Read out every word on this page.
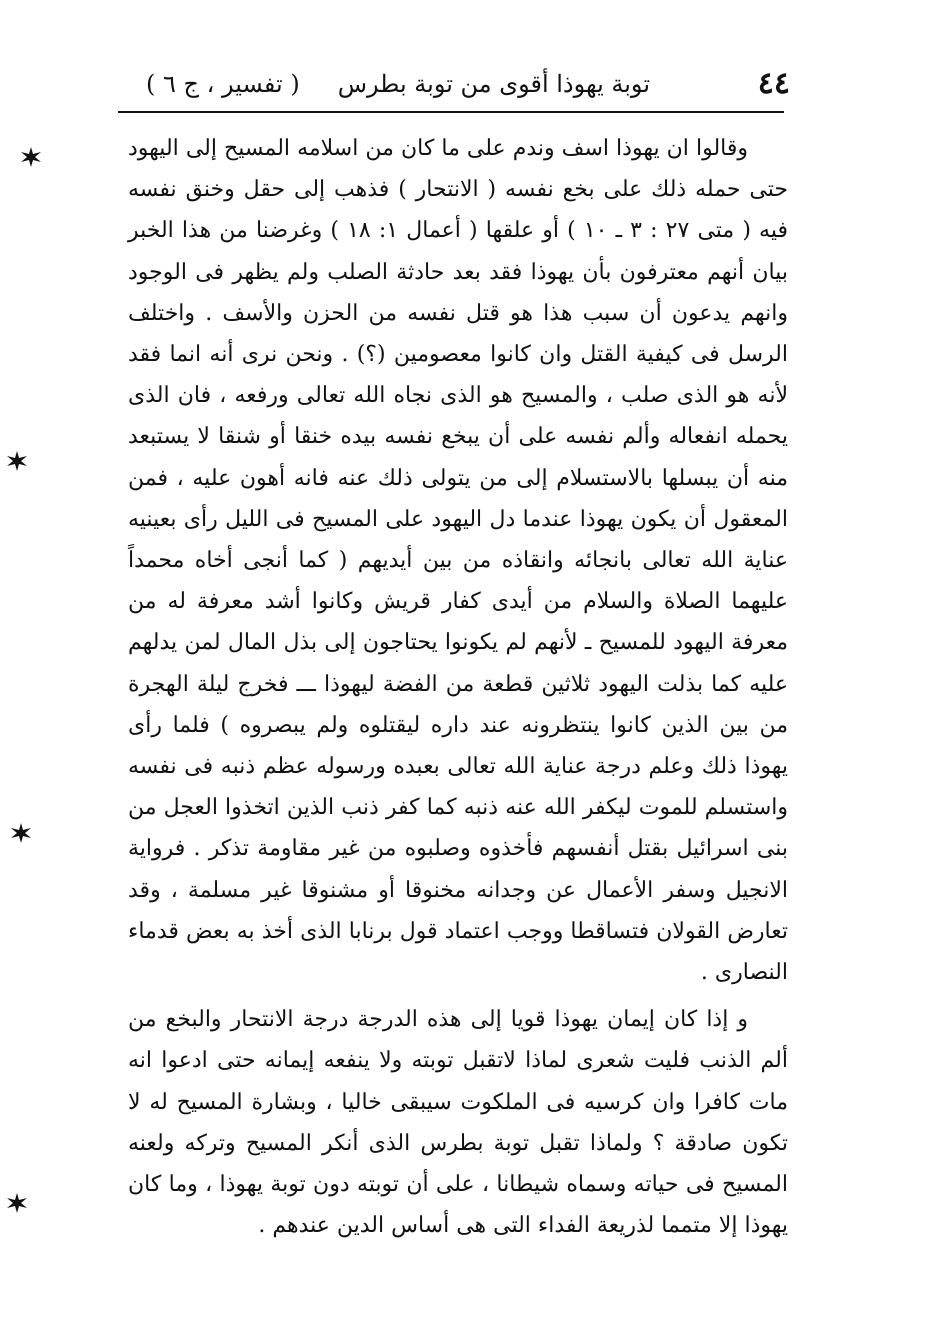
٤٤
توبة يهوذا أقوى من توبة بطرس
( تفسير ، ج ٦ )

وقالوا ان يهوذا اسف وندم على ما كان من اسلامه المسيح إلى اليهود حتى حمله ذلك على بخع نفسه ( الانتحار ) فذهب إلى حقل وخنق نفسه فيه ( متى ٢٧ : ٣ ـ ١٠ ) أو علقها ( أعمال ١: ١٨ ) وغرضنا من هذا الخبر بيان أنهم معترفون بأن يهوذا فقد بعد حادثة الصلب ولم يظهر فى الوجود وانهم يدعون أن سبب هذا هو قتل نفسه من الحزن والأسف . واختلف الرسل فى كيفية القتل وان كانوا معصومين (؟) . ونحن نرى أنه انما فقد لأنه هو الذى صلب ، والمسيح هو الذى نجاه الله تعالى ورفعه ، فان الذى يحمله انفعاله وألم نفسه على أن يبخع نفسه بيده خنقا أو شنقا لا يستبعد منه أن يبسلها بالاستسلام إلى من يتولى ذلك عنه فانه أهون عليه ، فمن المعقول أن يكون يهوذا عندما دل اليهود على المسيح فى الليل رأى بعينيه عناية الله تعالى بانجائه وانقاذه من بين أيديهم ( كما أنجى أخاه محمداً عليهما الصلاة والسلام من أيدى كفار قريش وكانوا أشد معرفة له من معرفة اليهود للمسيح ـ لأنهم لم يكونوا يحتاجون إلى بذل المال لمن يدلهم عليه كما بذلت اليهود ثلاثين قطعة من الفضة ليهوذا ـــ فخرج ليلة الهجرة من بين الذين كانوا ينتظرونه عند داره ليقتلوه ولم يبصروه ) فلما رأى يهوذا ذلك وعلم درجة عناية الله تعالى بعبده ورسوله عظم ذنبه فى نفسه واستسلم للموت ليكفر الله عنه ذنبه كما كفر ذنب الذين اتخذوا العجل من بنى اسرائيل بقتل أنفسهم فأخذوه وصلبوه من غير مقاومة تذكر . فرواية الانجيل وسفر الأعمال عن وجدانه مخنوقا أو مشنوقا غير مسلمة ، وقد تعارض القولان فتساقطا ووجب اعتماد قول برنابا الذى أخذ به بعض قدماء النصارى .

و إذا كان إيمان يهوذا قويا إلى هذه الدرجة درجة الانتحار والبخع من ألم الذنب فليت شعرى لماذا لاتقبل توبته ولا ينفعه إيمانه حتى ادعوا انه مات كافرا وان كرسيه فى الملكوت سيبقى خاليا ، وبشارة المسيح له لا تكون صادقة ؟ ولماذا تقبل توبة بطرس الذى أنكر المسيح وتركه ولعنه المسيح فى حياته وسماه شيطانا ، على أن توبته دون توبة يهوذا ، وما كان يهوذا إلا متمما لذريعة الفداء التى هى أساس الدين عندهم .
